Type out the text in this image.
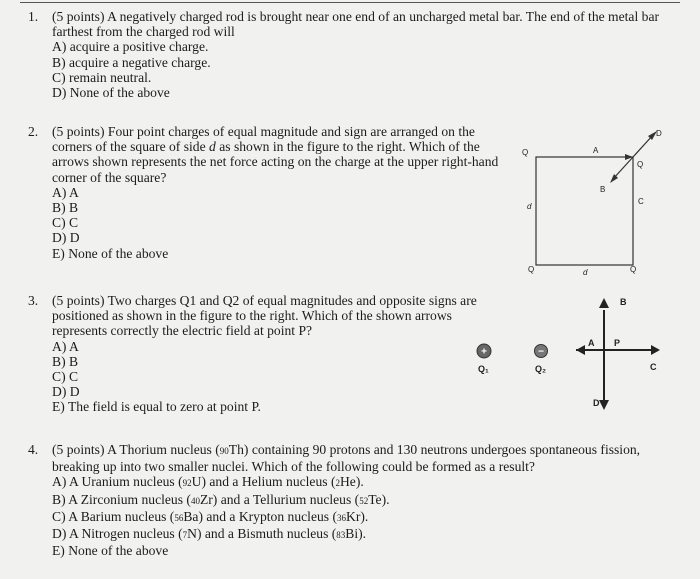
1. (5 points) A negatively charged rod is brought near one end of an uncharged metal bar. The end of the metal bar farthest from the charged rod will
A) acquire a positive charge.
B) acquire a negative charge.
C) remain neutral.
D) None of the above
2. (5 points) Four point charges of equal magnitude and sign are arranged on the corners of the square of side d as shown in the figure to the right. Which of the arrows shown represents the net force acting on the charge at the upper right-hand corner of the square?
A) A
B) B
C) C
D) D
E) None of the above
Q
Q
Q	Q
A
B
C
D
d
d
3. (5 points) Two charges Q1 and Q2 of equal magnitudes and opposite signs are positioned as shown in the figure to the right. Which of the shown arrows represents correctly the electric field at point P?
A) A
B) B
C) C
D) D
E) The field is equal to zero at point P.
+	−
Q₁	Q₂
A
B
C
D
P
4. (5 points) A Thorium nucleus (90Th) containing 90 protons and 130 neutrons undergoes spontaneous fission, breaking up into two smaller nuclei. Which of the following could be formed as a result?
A) A Uranium nucleus (92U) and a Helium nucleus (2He).
B) A Zirconium nucleus (40Zr) and a Tellurium nucleus (52Te).
C) A Barium nucleus (56Ba) and a Krypton nucleus (36Kr).
D) A Nitrogen nucleus (7N) and a Bismuth nucleus (83Bi).
E) None of the above
